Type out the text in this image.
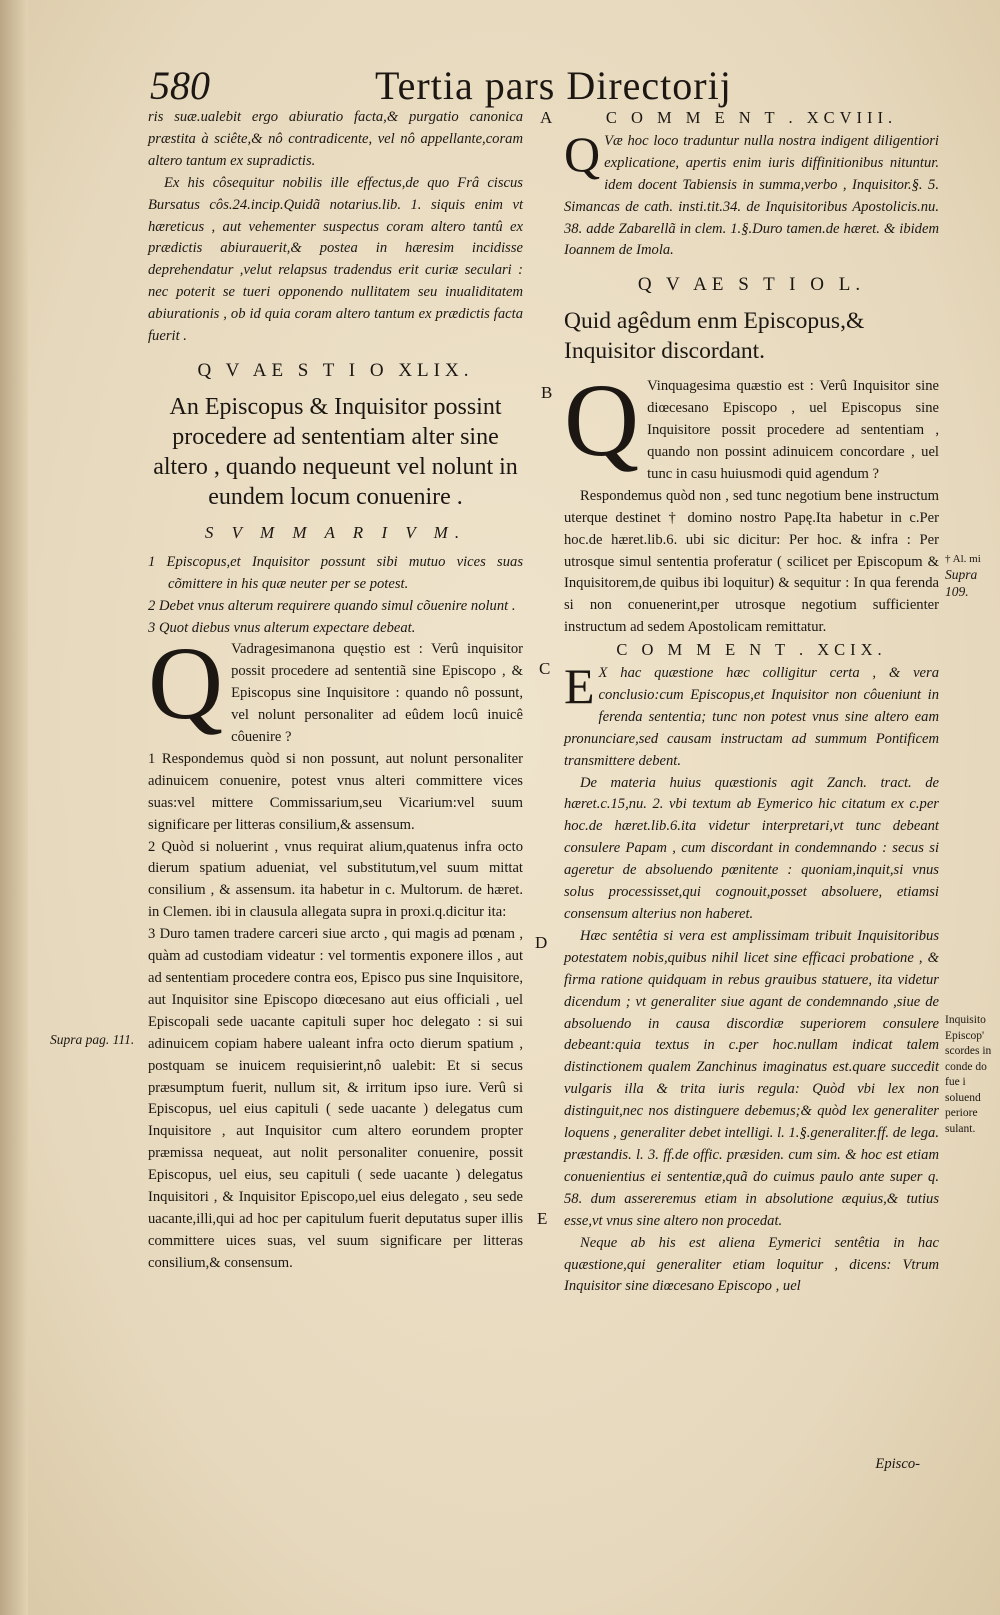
580	Tertia pars Directorij
A
B
C
D
E
Supra pag. 111.
† Al. mi
Supra
109.
Inquisito Episcop' scordes in conde do fue i soluend periore sulant.

ris suæ.ualebit ergo abiuratio facta,& purgatio canonica præstita à sciête,& nô contradicente, vel nô appellante,coram altero tantum ex supradictis.

Ex his côsequitur nobilis ille effectus,de quo Frâ ciscus Bursatus côs.24.incip.Quidã notarius.lib. 1. siquis enim vt hæreticus , aut vehementer suspectus coram altero tantû ex prædictis abiurauerit,& postea in hæresim incidisse deprehendatur ,velut relapsus tradendus erit curiæ seculari : nec poterit se tueri opponendo nullitatem seu inualiditatem abiurationis , ob id quia coram altero tantum ex prædictis facta fuerit .

Q V AE S T I O XLIX.
An Episcopus & Inquisitor possint procedere ad sententiam alter sine altero , quando nequeunt vel nolunt in eundem locum conuenire .
S V M M A R I V M.

1 Episcopus,et Inquisitor possunt sibi mutuo vices suas cõmittere in his quæ neuter per se potest.

2 Debet vnus alterum requirere quando simul cõuenire nolunt .

3 Quot diebus vnus alterum expectare debeat.

Q Vadragesimanona quęstio est : Verû inquisitor possit procedere ad sententiã sine Episcopo , & Episcopus sine Inquisitore : quando nô possunt, vel nolunt personaliter ad eûdem locû inuicê côuenire ?

1 Respondemus quòd si non possunt, aut nolunt personaliter adinuicem conuenire, potest vnus alteri committere vices suas:vel mittere Commissarium,seu Vicarium:vel suum significare per litteras consilium,& assensum.

2 Quòd si noluerint , vnus requirat alium,quatenus infra octo dierum spatium adueniat, vel substitutum,vel suum mittat consilium , & assensum. ita habetur in c. Multorum. de hæret. in Clemen. ibi in clausula allegata supra in proxi.q.dicitur ita:

3 Duro tamen tradere carceri siue arcto , qui magis ad pœnam , quàm ad custodiam videatur : vel tormentis exponere illos , aut ad sententiam procedere contra eos, Episco pus sine Inquisitore, aut Inquisitor sine Episcopo diœcesano aut eius officiali , uel Episcopali sede uacante capituli super hoc delegato : si sui adinuicem copiam habere ualeant infra octo dierum spatium , postquam se inuicem requisierint,nô ualebit: Et si secus præsumptum fuerit, nullum sit, & irritum ipso iure. Verû si Episcopus, uel eius capituli ( sede uacante ) delegatus cum Inquisitore , aut Inquisitor cum altero eorundem propter præmissa nequeat, aut nolit personaliter conuenire, possit Episcopus, uel eius, seu capituli ( sede uacante ) delegatus Inquisitori , & Inquisitor Episcopo,uel eius delegato , seu sede uacante,illi,qui ad hoc per capitulum fuerit deputatus super illis committere uices suas, vel suum significare per litteras consilium,& consensum.

C O M M E N T . XCVIII.
Q Væ hoc loco traduntur nulla nostra indigent diligentiori explicatione, apertis enim iuris diffinitionibus nituntur. idem docent Tabiensis in summa,verbo , Inquisitor.§. 5. Simancas de cath. insti.tit.34. de Inquisitoribus Apostolicis.nu. 38. adde Zabarellã in clem. 1.§.Duro tamen.de hæret. & ibidem Ioannem de Imola.

Q V AE S T I O L.
Quid agêdum enm Episcopus,& Inquisitor discordant.
Q Vinquagesima quæstio est : Verû Inquisitor sine diœcesano Episcopo , uel Episcopus sine Inquisitore possit procedere ad sententiam , quando non possint adinuicem concordare , uel tunc in casu huiusmodi quid agendum ?

Respondemus quòd non , sed tunc negotium bene instructum uterque destinet † domino nostro Papę.Ita habetur in c.Per hoc.de hæret.lib.6. ubi sic dicitur: Per hoc. & infra : Per utrosque simul sententia proferatur ( scilicet per Episcopum & Inquisitorem,de quibus ibi loquitur) & sequitur : In qua ferenda si non conuenerint,per utrosque negotium sufficienter instructum ad sedem Apostolicam remittatur.

C O M M E N T . XCIX.
E X hac quæstione hæc colligitur certa , & vera conclusio:cum Episcopus,et Inquisitor non côueniunt in ferenda sententia; tunc non potest vnus sine altero eam pronunciare,sed causam instructam ad summum Pontificem transmittere debent.

De materia huius quæstionis agit Zanch. tract. de hæret.c.15,nu. 2. vbi textum ab Eymerico hic citatum ex c.per hoc.de hæret.lib.6.ita videtur interpretari,vt tunc debeant consulere Papam , cum discordant in condemnando : secus si ageretur de absoluendo pœnitente : quoniam,inquit,si vnus solus processisset,qui cognouit,posset absoluere, etiamsi consensum alterius non haberet.

Hæc sentêtia si vera est amplissimam tribuit Inquisitoribus potestatem nobis,quibus nihil licet sine efficaci probatione , & firma ratione quidquam in rebus grauibus statuere, ita videtur dicendum ; vt generaliter siue agant de condemnando ,siue de absoluendo in causa discordiæ superiorem consulere debeant:quia textus in c.per hoc.nullam indicat talem distinctionem qualem Zanchinus imaginatus est.quare succedit vulgaris illa & trita iuris regula: Quòd vbi lex non distinguit,nec nos distinguere debemus;& quòd lex generaliter loquens , generaliter debet intelligi. l. 1.§.generaliter.ff. de lega. præstandis. l. 3. ff.de offic. præsiden. cum sim. & hoc est etiam conuenientius ei sententiæ,quã do cuimus paulo ante super q. 58. dum assereremus etiam in absolutione æquius,& tutius esse,vt vnus sine altero non procedat.

Neque ab his est aliena Eymerici sentêtia in hac quæstione,qui generaliter etiam loquitur , dicens: Vtrum Inquisitor sine diœcesano Episcopo , uel

Episco-
